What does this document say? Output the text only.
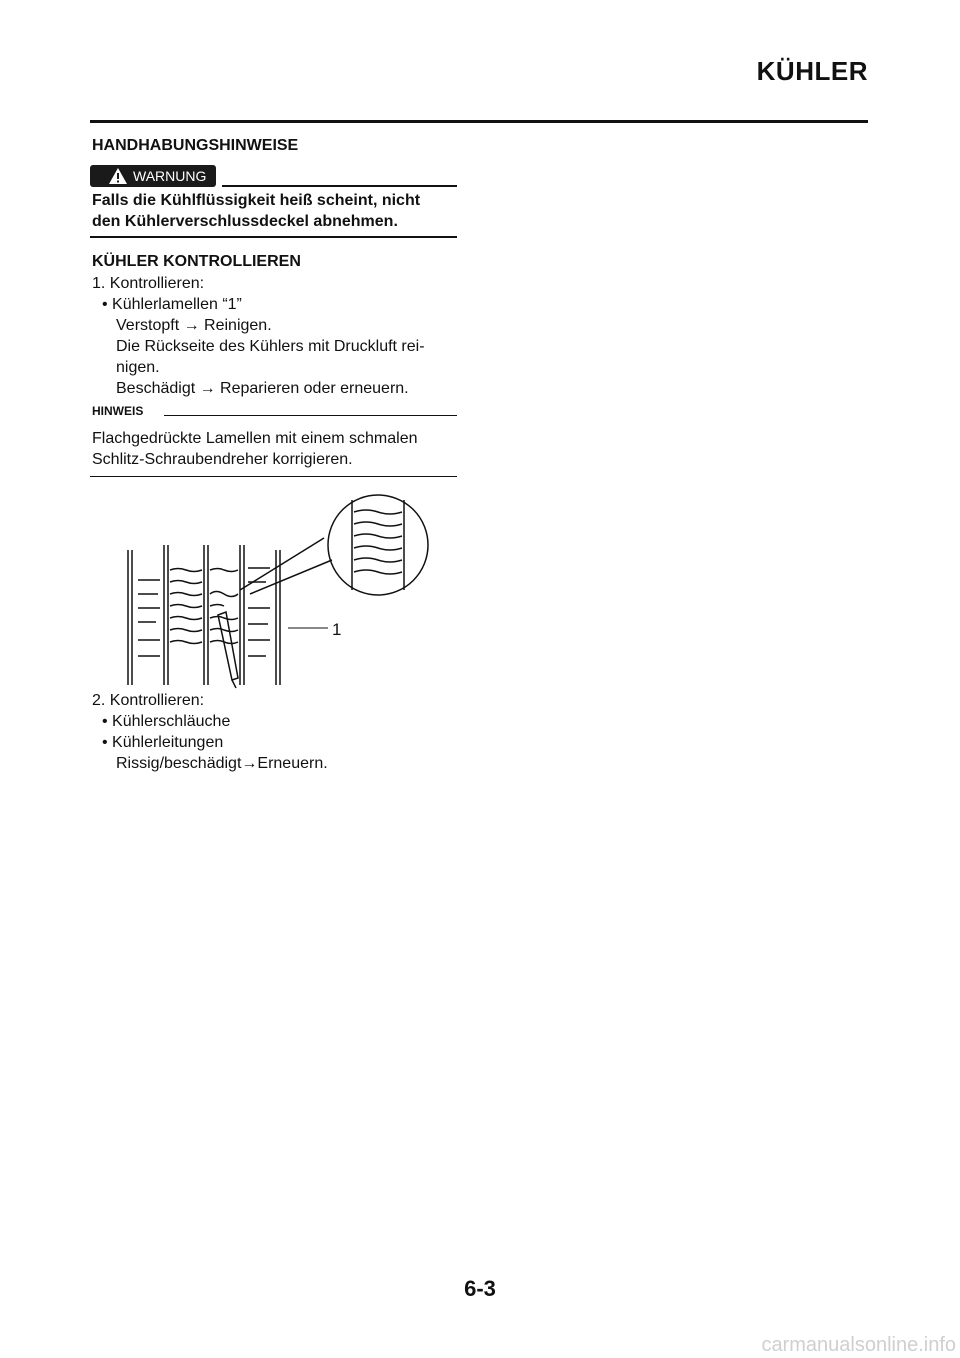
KÜHLER
HANDHABUNGSHINWEISE
WARNUNG
Falls die Kühlflüssigkeit heiß scheint, nicht
den Kühlerverschlussdeckel abnehmen.
KÜHLER KONTROLLIEREN
1. Kontrollieren:
• Kühlerlamellen “1”
Verstopft → Reinigen.
Die Rückseite des Kühlers mit Druckluft rei-
nigen.
Beschädigt → Reparieren oder erneuern.
HINWEIS
Flachgedrückte Lamellen mit einem schmalen
Schlitz-Schraubendreher korrigieren.
1
2. Kontrollieren:
• Kühlerschläuche
• Kühlerleitungen
Rissig/beschädigt→Erneuern.
6-3
carmanualsonline.info
